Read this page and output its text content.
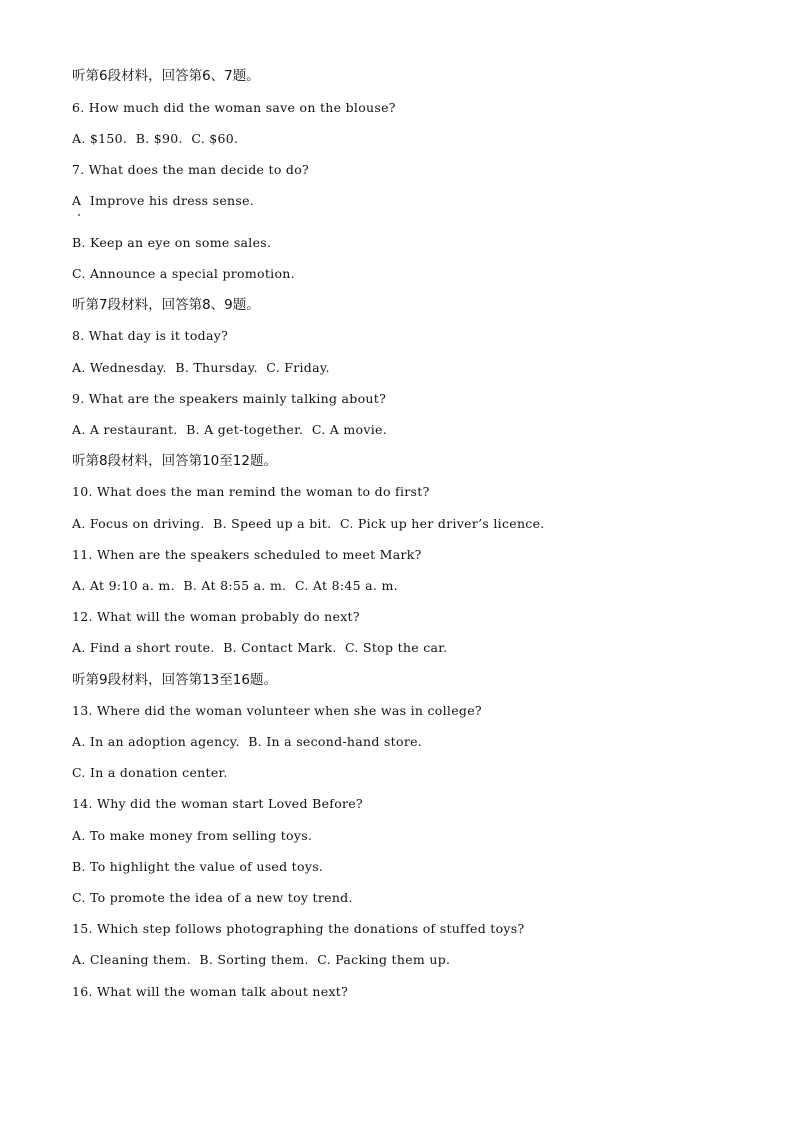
听第6段材料，回答第6、7题。
6. How much did the woman save on the blouse?
A. $150.  B. $90.  C. $60.
7. What does the man decide to do?
A  Improve his dress sense.
B. Keep an eye on some sales.
C. Announce a special promotion.
听第7段材料，回答第8、9题。
8. What day is it today?
A. Wednesday.  B. Thursday.  C. Friday.
9. What are the speakers mainly talking about?
A. A restaurant.  B. A get-together.  C. A movie.
听第8段材料，回答第10至12题。
10. What does the man remind the woman to do first?
A. Focus on driving.  B. Speed up a bit.  C. Pick up her driver’s licence.
11. When are the speakers scheduled to meet Mark?
A. At 9:10 a. m.  B. At 8:55 a. m.  C. At 8:45 a. m.
12. What will the woman probably do next?
A. Find a short route.  B. Contact Mark.  C. Stop the car.
听第9段材料，回答第13至16题。
13. Where did the woman volunteer when she was in college?
A. In an adoption agency.  B. In a second-hand store.
C. In a donation center.
14. Why did the woman start Loved Before?
A. To make money from selling toys.
B. To highlight the value of used toys.
C. To promote the idea of a new toy trend.
15. Which step follows photographing the donations of stuffed toys?
A. Cleaning them.  B. Sorting them.  C. Packing them up.
16. What will the woman talk about next?
